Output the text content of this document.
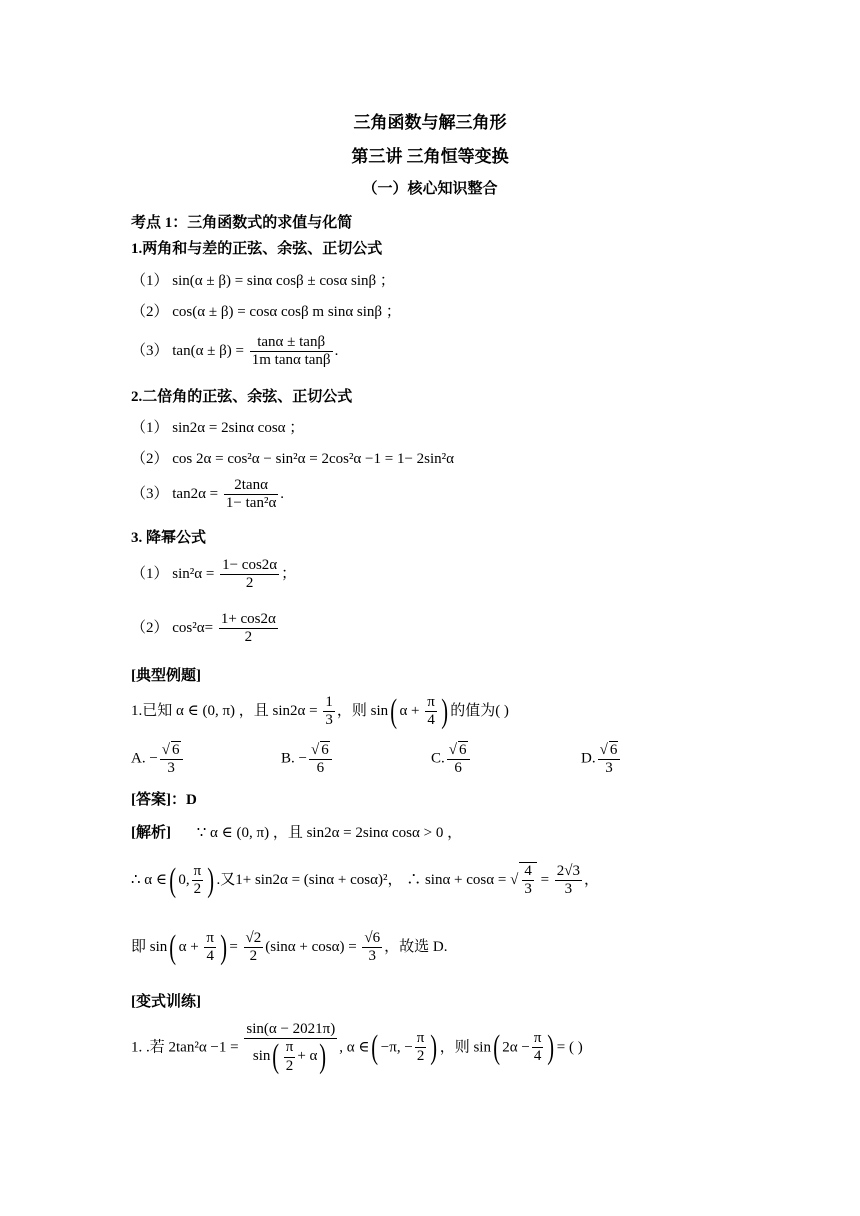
三角函数与解三角形
第三讲 三角恒等变换
（一）核心知识整合
考点 1：三角函数式的求值与化简
1.两角和与差的正弦、余弦、正切公式
（1） sin(α ± β) = sinα cosβ ± cosα sinβ ；
（2） cos(α ± β) = cosα cosβ m sinα sinβ ；
（3） $\tan(\alpha \pm \beta) = \frac{\tan\alpha \pm \tan\beta}{\text{1m tanα tanβ}}$ .
2.二倍角的正弦、余弦、正切公式
（1） sin2α = 2sinα cosα ；
（2） cos 2α = cos²α − sin²α = 2cos²α −1 = 1− 2sin²α
（3） $\tan 2\alpha = \frac{2\tan\alpha}{\text{1− tan²α}}$ .
3. 降幂公式
（1） $\sin^2\alpha = \frac{1- \cos 2\alpha}{2}$ ；
（2） $\cos^2\alpha= \frac{1+ \cos 2\alpha}{2}$
[典型例题]
1.已知 α ∈ (0, π) ，且 $\sin 2\alpha = \frac{1}{3}$ ，则 sin( $\alpha + \frac{\pi}{4}$ ) 的值为( )
A. − $\frac{√ 6}{3}$	B. − $\frac{√ 6}{6}$	C. $\frac{√ 6}{6}$	D. $\frac{√ 6}{3}$
[答案]：D
[解析] ∵ α ∈ (0, π) ，且 sin2α = 2sinα cosα > 0 ，
∴ α ∈( 0, $\frac{\pi}{2}$ ) .又1+ sin2α = (sinα + cosα)²， ∴ sinα + cosα = √ $\frac{4}{3} = \frac{2√3}{3}$ ，
即 sin( $\alpha + \frac{\pi}{4}$ ) = $\frac{√2}{2} (\sin\alpha + \cos\alpha) = \frac{√6}{3}$ ，故选 D.
[变式训练]
1. .若 $2\tan^2\alpha -1 = \frac{\sin(\alpha - 2021\pi)}{\sin( \frac{\pi}{2} + \alpha)}$ , α ∈( −π, − $\frac{\pi}{2}$ ) ，则 sin( $2\alpha - \frac{\pi}{4}$ ) = ( )
